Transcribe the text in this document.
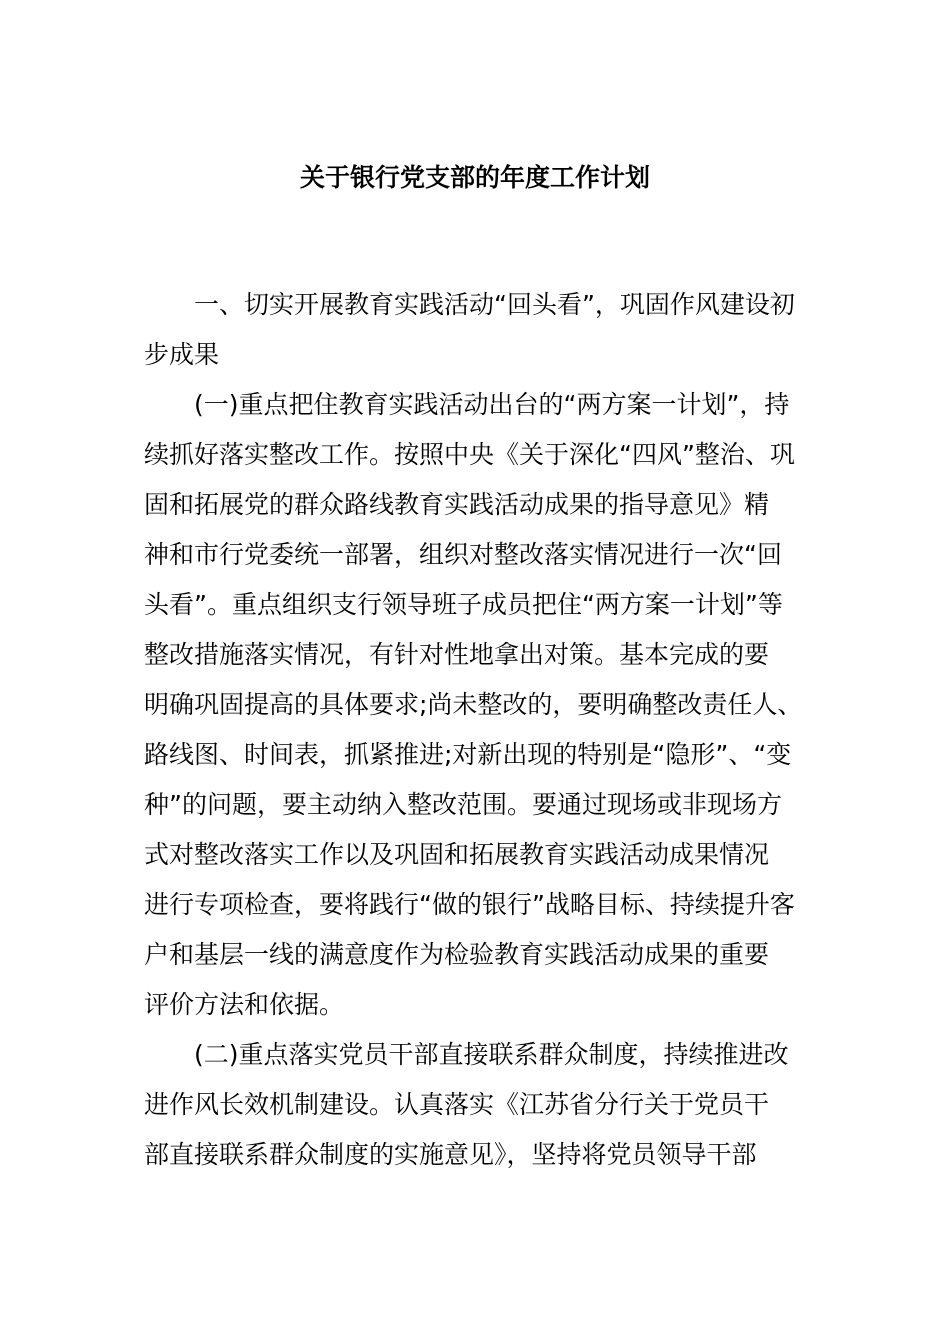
关于银行党支部的年度工作计划

一、切实开展教育实践活动“回头看”，巩固作风建设初
步成果

(一)重点把住教育实践活动出台的“两方案一计划”，持
续抓好落实整改工作。按照中央《关于深化“四风”整治、巩
固和拓展党的群众路线教育实践活动成果的指导意见》精
神和市行党委统一部署，组织对整改落实情况进行一次“回
头看”。重点组织支行领导班子成员把住“两方案一计划”等
整改措施落实情况，有针对性地拿出对策。基本完成的要
明确巩固提高的具体要求;尚未整改的，要明确整改责任人、
路线图、时间表，抓紧推进;对新出现的特别是“隐形”、“变
种”的问题，要主动纳入整改范围。要通过现场或非现场方
式对整改落实工作以及巩固和拓展教育实践活动成果情况
进行专项检查，要将践行“做的银行”战略目标、持续提升客
户和基层一线的满意度作为检验教育实践活动成果的重要
评价方法和依据。

(二)重点落实党员干部直接联系群众制度，持续推进改
进作风长效机制建设。认真落实《江苏省分行关于党员干
部直接联系群众制度的实施意见》，坚持将党员领导干部
